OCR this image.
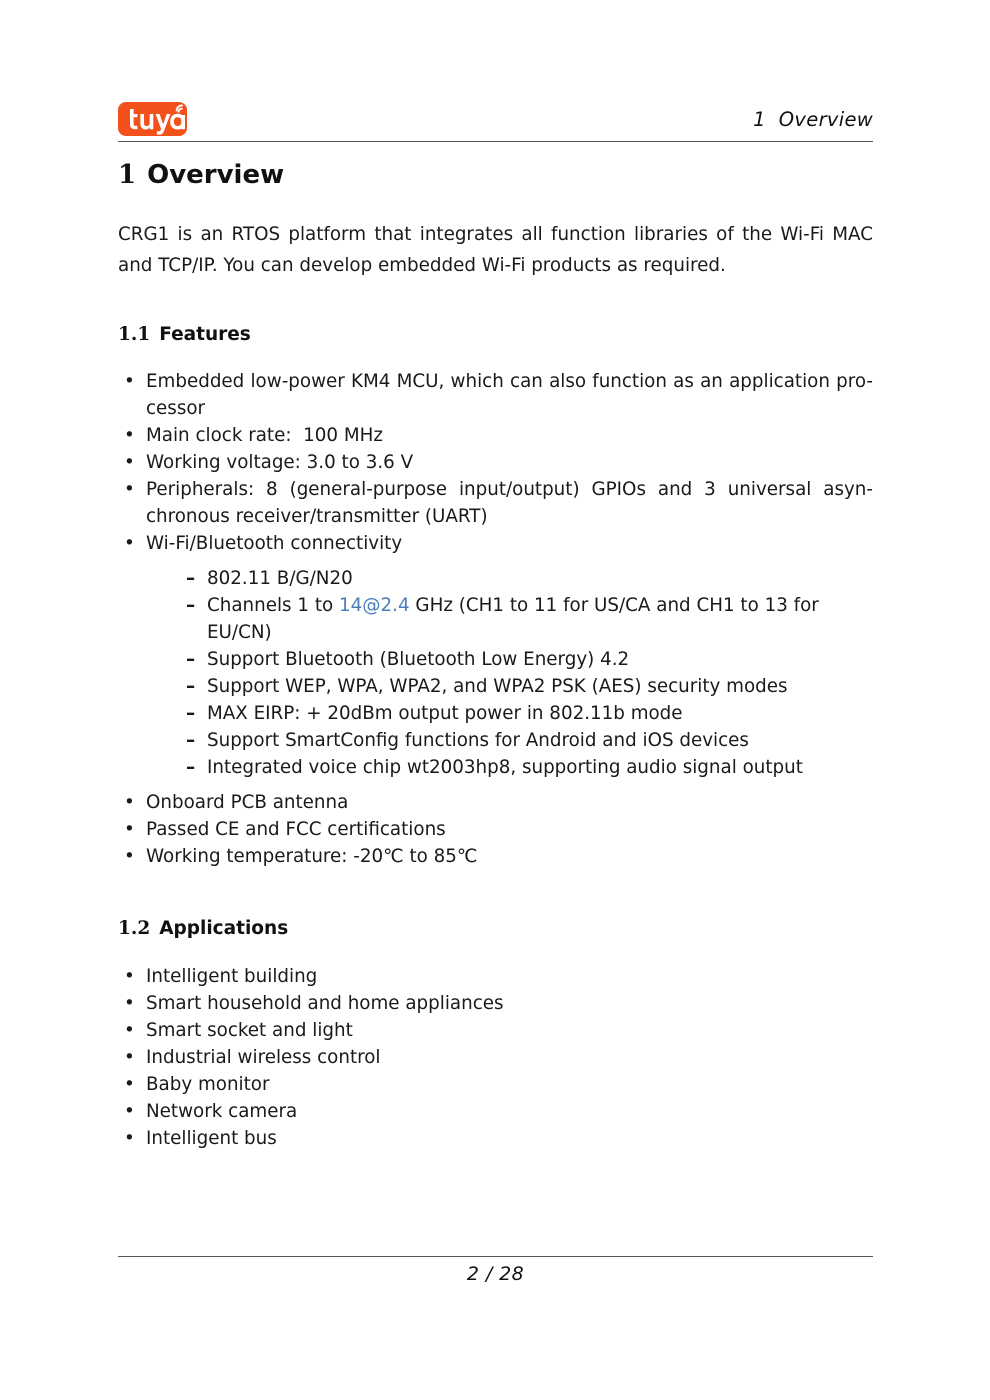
1  Overview
1 Overview

CRG1 is an RTOS platform that integrates all function libraries of the Wi-Fi MAC and TCP/IP. You can develop embedded Wi-Fi products as required.

1.1 Features
• Embedded low-power KM4 MCU, which can also function as an application pro-cessor
• Main clock rate:  100 MHz
• Working voltage: 3.0 to 3.6 V
• Peripherals: 8 (general-purpose input/output) GPIOs and 3 universal asyn-chronous receiver/transmitter (UART)
• Wi-Fi/Bluetooth connectivity
– 802.11 B/G/N20
– Channels 1 to 14@2.4 GHz (CH1 to 11 for US/CA and CH1 to 13 for EU/CN)
– Support Bluetooth (Bluetooth Low Energy) 4.2
– Support WEP, WPA, WPA2, and WPA2 PSK (AES) security modes
– MAX EIRP: + 20dBm output power in 802.11b mode
– Support SmartConfig functions for Android and iOS devices
– Integrated voice chip wt2003hp8, supporting audio signal output
• Onboard PCB antenna
• Passed CE and FCC certifications
• Working temperature: -20℃ to 85℃
1.2 Applications
• Intelligent building
• Smart household and home appliances
• Smart socket and light
• Industrial wireless control
• Baby monitor
• Network camera
• Intelligent bus
2 / 28
